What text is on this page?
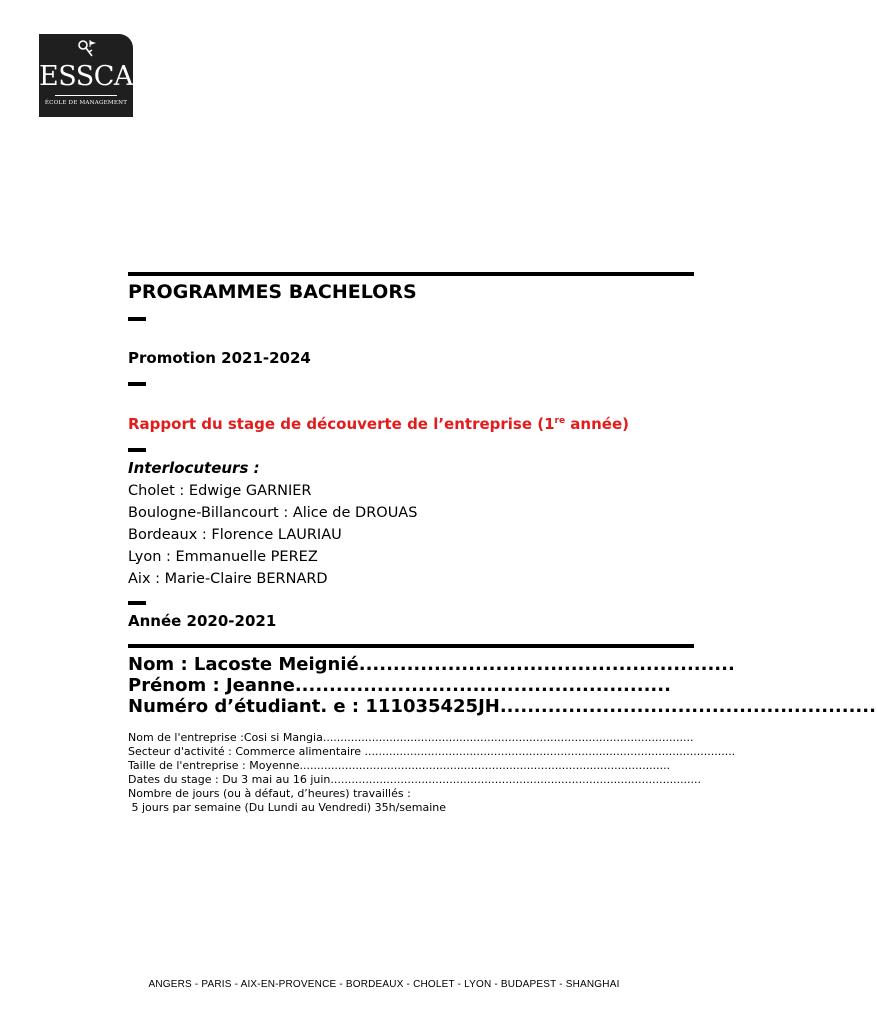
ESSCA
ÉCOLE DE MANAGEMENT
PROGRAMMES BACHELORS
Promotion 2021-2024
Rapport du stage de découverte de l’entreprise (1re année)
Interlocuteurs :
Cholet : Edwige GARNIER
Boulogne-Billancourt : Alice de DROUAS
Bordeaux : Florence LAURIAU
Lyon : Emmanuelle PEREZ
Aix : Marie-Claire BERNARD
Année 2020-2021
Nom : Lacoste Meignié.......................................................
Prénom : Jeanne.......................................................
Numéro d’étudiant. e : 111035425JH.......................................................
Nom de l'entreprise :Cosi si Mangia..........................................................................................................
Secteur d'activité : Commerce alimentaire ..........................................................................................................
Taille de l'entreprise : Moyenne..........................................................................................................
Dates du stage : Du 3 mai au 16 juin..........................................................................................................
Nombre de jours (ou à défaut, d’heures) travaillés :
5 jours par semaine (Du Lundi au Vendredi) 35h/semaine
ANGERS - PARIS - AIX-EN-PROVENCE - BORDEAUX - CHOLET - LYON - BUDAPEST - SHANGHAI
